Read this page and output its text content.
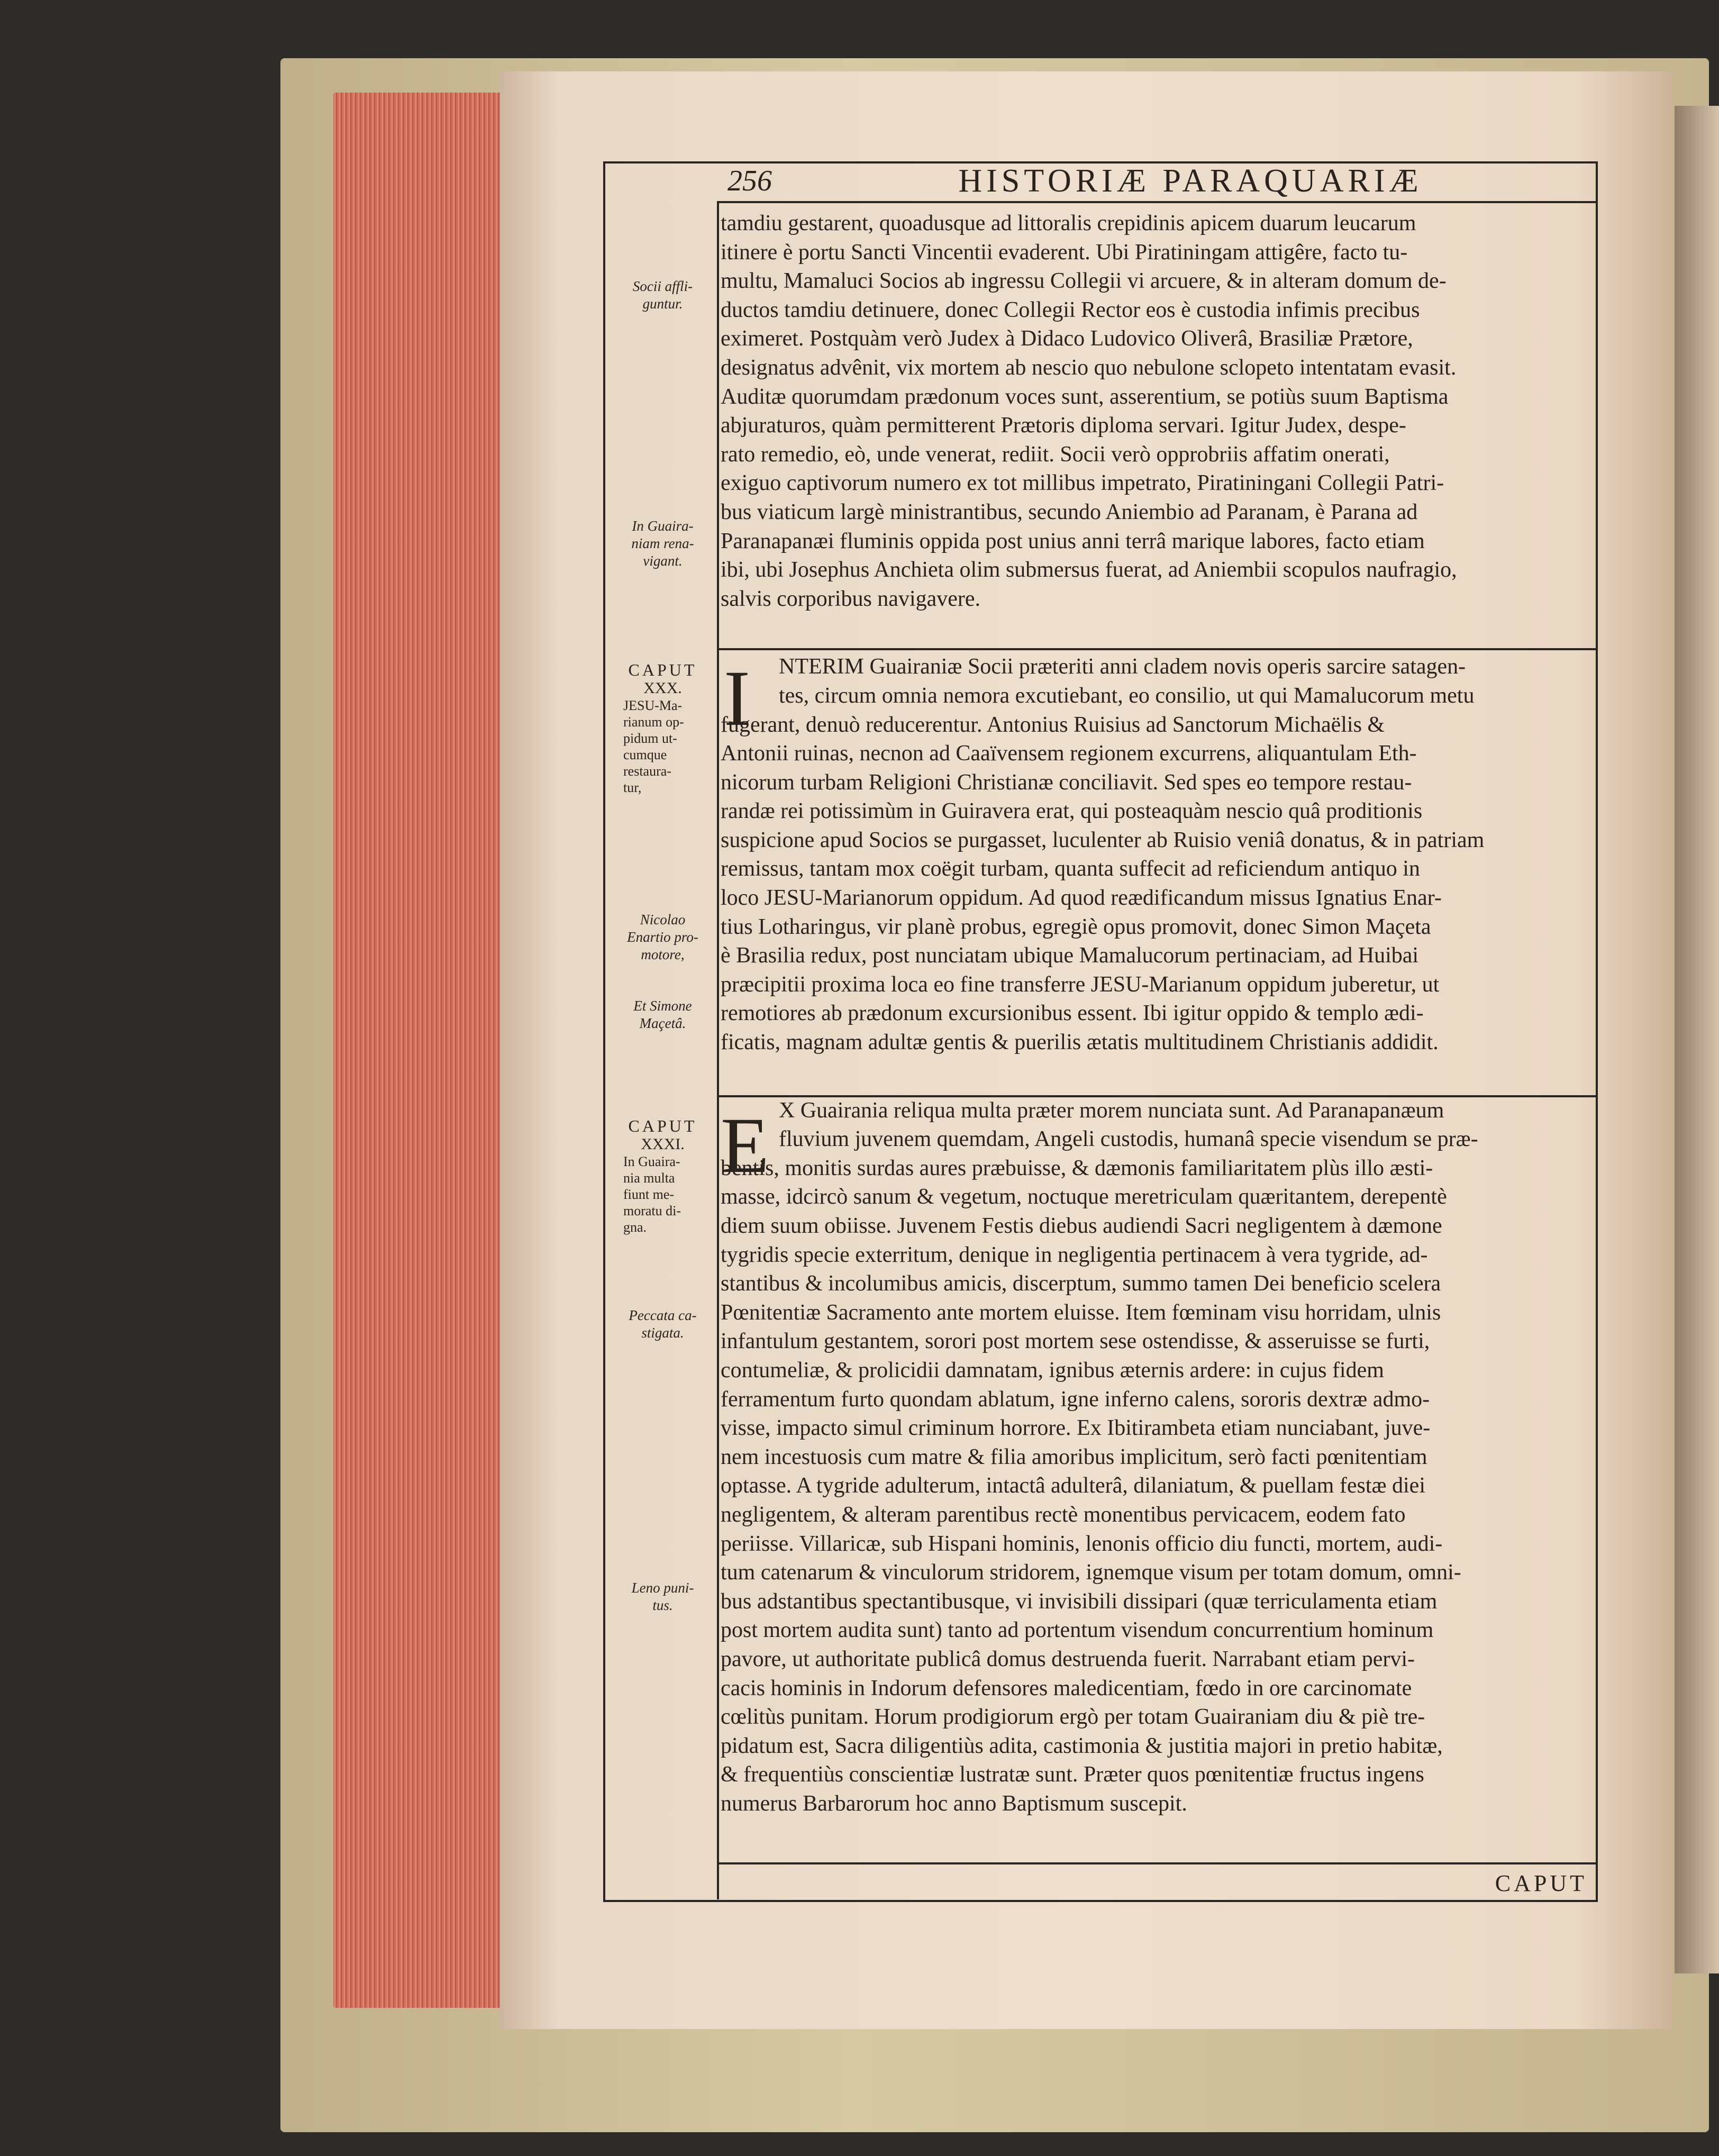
256	HISTORIÆ PARAQUARIÆ
tamdiu gestarent, quoadusque ad littoralis crepidinis apicem duarum leucarum
itinere è portu Sancti Vincentii evaderent. Ubi Piratiningam attigêre, facto tu-
multu, Mamaluci Socios ab ingressu Collegii vi arcuere, & in alteram domum de-
ductos tamdiu detinuere, donec Collegii Rector eos è custodia infimis precibus
eximeret. Postquàm verò Judex à Didaco Ludovico Oliverâ, Brasiliæ Prætore,
designatus advênit, vix mortem ab nescio quo nebulone sclopeto intentatam evasit.
Auditæ quorumdam prædonum voces sunt, asserentium, se potiùs suum Baptisma
abjuraturos, quàm permitterent Prætoris diploma servari. Igitur Judex, despe-
rato remedio, eò, unde venerat, rediit. Socii verò opprobriis affatim onerati,
exiguo captivorum numero ex tot millibus impetrato, Piratiningani Collegii Patri-
bus viaticum largè ministrantibus, secundo Aniembio ad Paranam, è Parana ad
Paranapanæi fluminis oppida post unius anni terrâ marique labores, facto etiam
ibi, ubi Josephus Anchieta olim submersus fuerat, ad Aniembii scopulos naufragio,
salvis corporibus navigavere.
NTERIM Guairaniæ Socii præteriti anni cladem novis operis sarcire satagen-
tes, circum omnia nemora excutiebant, eo consilio, ut qui Mamalucorum metu
fugerant, denuò reducerentur. Antonius Ruisius ad Sanctorum Michaëlis &
Antonii ruinas, necnon ad Caaïvensem regionem excurrens, aliquantulam Eth-
nicorum turbam Religioni Christianæ conciliavit. Sed spes eo tempore restau-
randæ rei potissimùm in Guiravera erat, qui posteaquàm nescio quâ proditionis
suspicione apud Socios se purgasset, luculenter ab Ruisio veniâ donatus, & in patriam
remissus, tantam mox coëgit turbam, quanta suffecit ad reficiendum antiquo in
loco JESU-Marianorum oppidum. Ad quod reædificandum missus Ignatius Enar-
tius Lotharingus, vir planè probus, egregiè opus promovit, donec Simon Maçeta
è Brasilia redux, post nunciatam ubique Mamalucorum pertinaciam, ad Huibai
præcipitii proxima loca eo fine transferre JESU-Marianum oppidum juberetur, ut
remotiores ab prædonum excursionibus essent. Ibi igitur oppido & templo ædi-
ficatis, magnam adultæ gentis & puerilis ætatis multitudinem Christianis addidit.
X Guairania reliqua multa præter morem nunciata sunt. Ad Paranapanæum
fluvium juvenem quemdam, Angeli custodis, humanâ specie visendum se præ-
bentis, monitis surdas aures præbuisse, & dæmonis familiaritatem plùs illo æsti-
masse, idcircò sanum & vegetum, noctuque meretriculam quæritantem, derepentè
diem suum obiisse. Juvenem Festis diebus audiendi Sacri negligentem à dæmone
tygridis specie exterritum, denique in negligentia pertinacem à vera tygride, ad-
stantibus & incolumibus amicis, discerptum, summo tamen Dei beneficio scelera
Pœnitentiæ Sacramento ante mortem eluisse. Item fœminam visu horridam, ulnis
infantulum gestantem, sorori post mortem sese ostendisse, & asseruisse se furti,
contumeliæ, & prolicidii damnatam, ignibus æternis ardere: in cujus fidem
ferramentum furto quondam ablatum, igne inferno calens, sororis dextræ admo-
visse, impacto simul criminum horrore. Ex Ibitirambeta etiam nunciabant, juve-
nem incestuosis cum matre & filia amoribus implicitum, serò facti pœnitentiam
optasse. A tygride adulterum, intactâ adulterâ, dilaniatum, & puellam festæ diei
negligentem, & alteram parentibus rectè monentibus pervicacem, eodem fato
periisse. Villaricæ, sub Hispani hominis, lenonis officio diu functi, mortem, audi-
tum catenarum & vinculorum stridorem, ignemque visum per totam domum, omni-
bus adstantibus spectantibusque, vi invisibili dissipari (quæ terriculamenta etiam
post mortem audita sunt) tanto ad portentum visendum concurrentium hominum
pavore, ut authoritate publicâ domus destruenda fuerit. Narrabant etiam pervi-
cacis hominis in Indorum defensores maledicentiam, fœdo in ore carcinomate
cœlitùs punitam. Horum prodigiorum ergò per totam Guairaniam diu & piè tre-
pidatum est, Sacra diligentiùs adita, castimonia & justitia majori in pretio habitæ,
& frequentiùs conscientiæ lustratæ sunt. Præter quos pœnitentiæ fructus ingens
numerus Barbarorum hoc anno Baptismum suscepit.
I
E
Socii affli-
guntur.
In Guaira-
niam rena-
vigant.
CAPUT
XXX.
JESU-Ma-
rianum op-
pidum ut-
cumque
restaura-
tur,
Nicolao
Enartio pro-
motore,
Et Simone
Maçetâ.
CAPUT
XXXI.
In Guaira-
nia multa
fiunt me-
moratu di-
gna.
Peccata ca-
stigata.
Leno puni-
tus.
CAPUT
